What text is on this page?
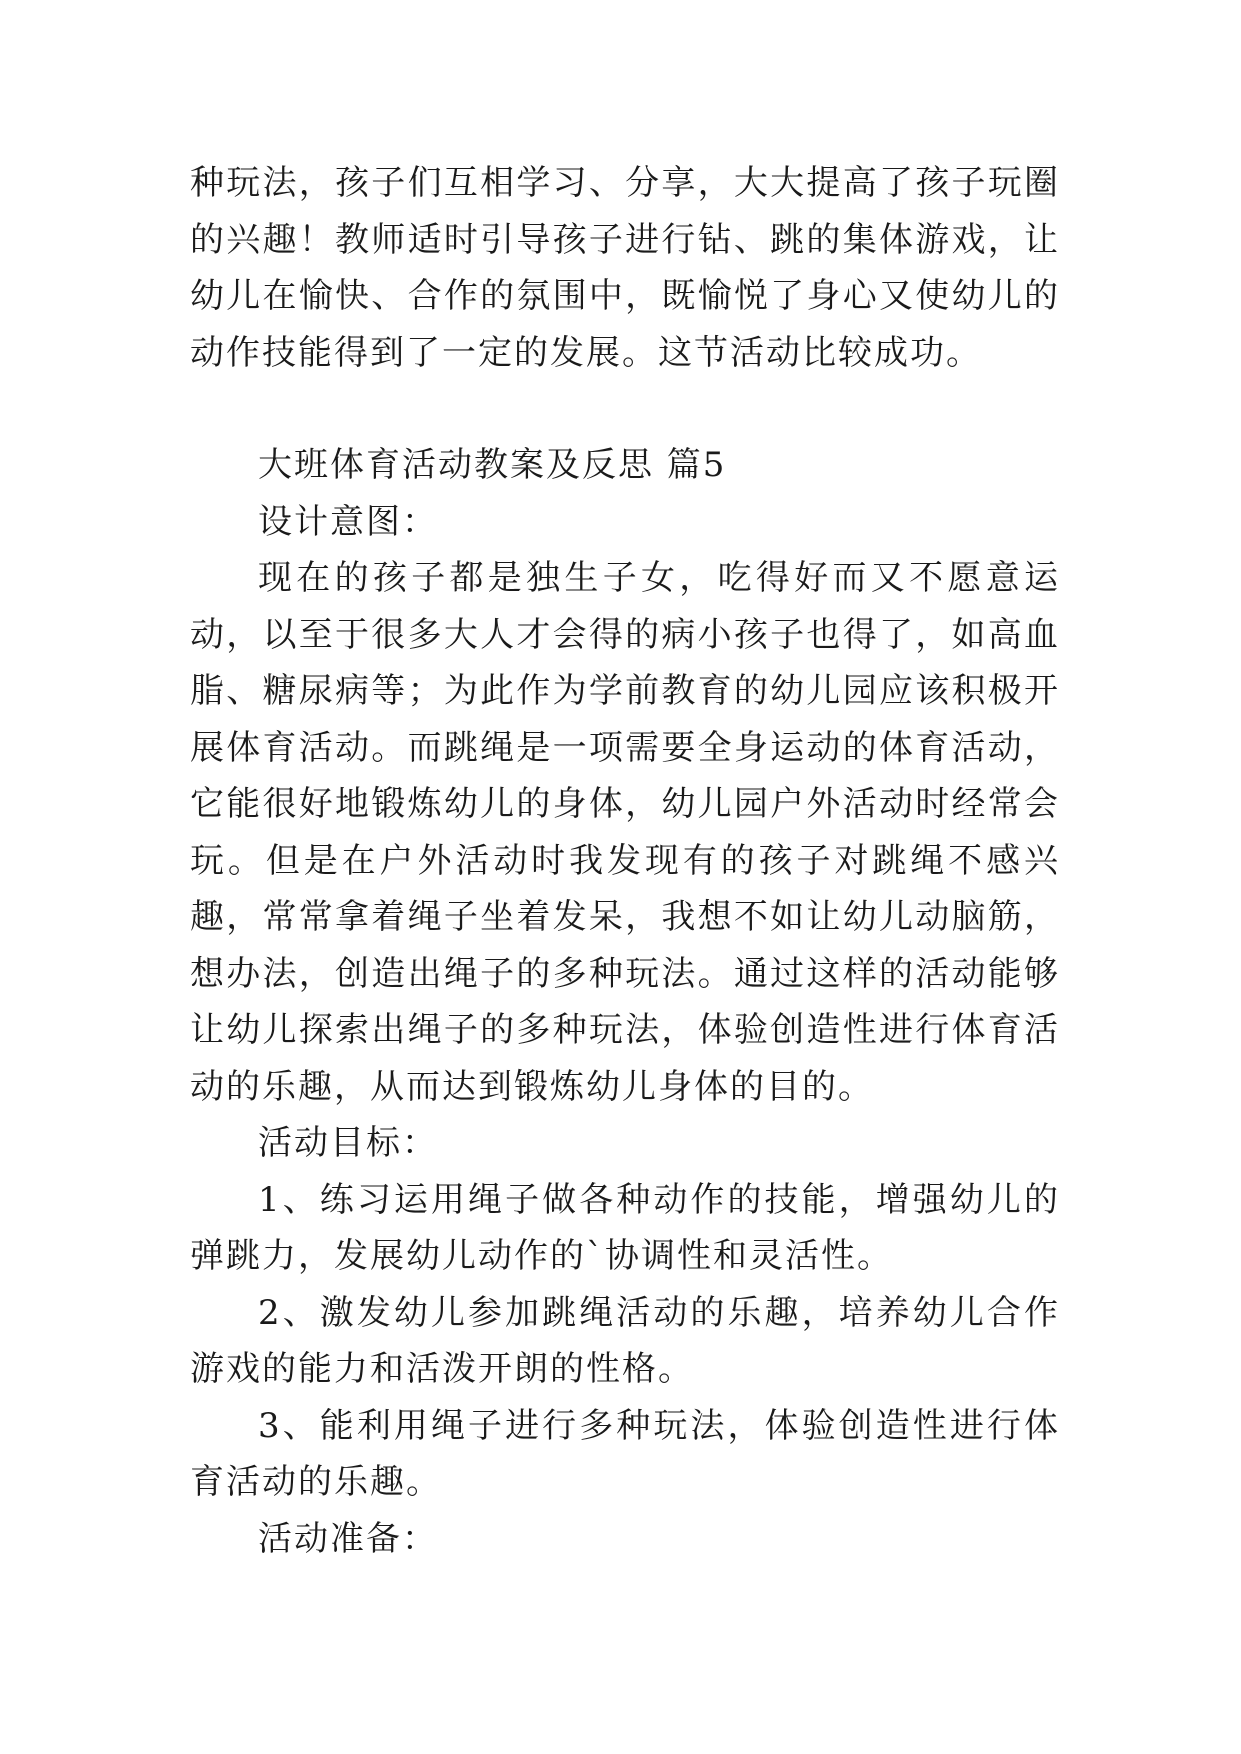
种玩法，孩子们互相学习、分享，大大提高了孩子玩圈的兴趣！教师适时引导孩子进行钻、跳的集体游戏，让幼儿在愉快、合作的氛围中，既愉悦了身心又使幼儿的动作技能得到了一定的发展。这节活动比较成功。

大班体育活动教案及反思 篇5

设计意图：

现在的孩子都是独生子女，吃得好而又不愿意运动，以至于很多大人才会得的病小孩子也得了，如高血脂、糖尿病等；为此作为学前教育的幼儿园应该积极开展体育活动。而跳绳是一项需要全身运动的体育活动，它能很好地锻炼幼儿的身体，幼儿园户外活动时经常会玩。但是在户外活动时我发现有的孩子对跳绳不感兴趣，常常拿着绳子坐着发呆，我想不如让幼儿动脑筋，想办法，创造出绳子的多种玩法。通过这样的活动能够让幼儿探索出绳子的多种玩法，体验创造性进行体育活动的乐趣，从而达到锻炼幼儿身体的目的。

活动目标：

1、练习运用绳子做各种动作的技能，增强幼儿的弹跳力，发展幼儿动作的`协调性和灵活性。

2、激发幼儿参加跳绳活动的乐趣，培养幼儿合作游戏的能力和活泼开朗的性格。

3、能利用绳子进行多种玩法，体验创造性进行体育活动的乐趣。

活动准备：
